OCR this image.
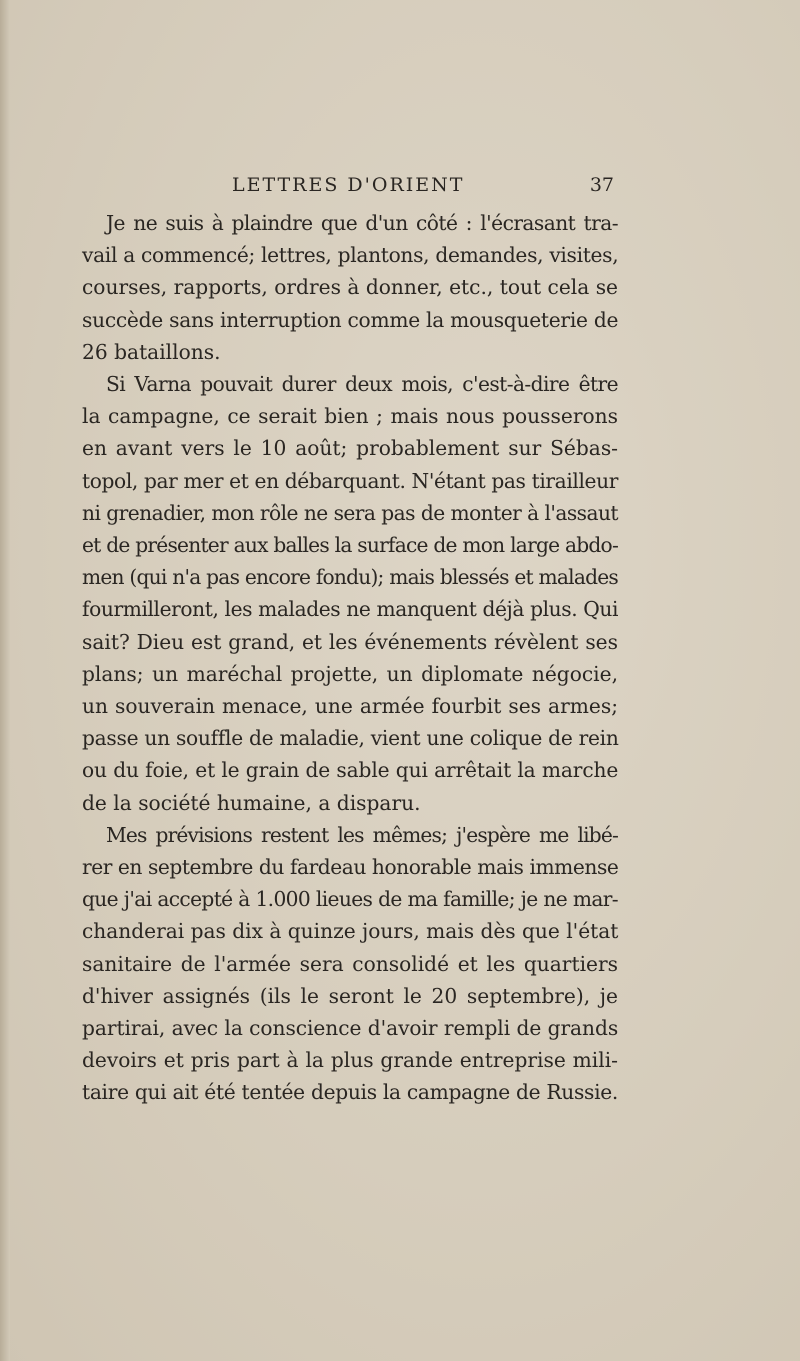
LETTRES D'ORIENT	37

Je ne suis à plaindre que d'un côté : l'écrasant tra-
vail a commencé; lettres, plantons, demandes, visites,
courses, rapports, ordres à donner, etc., tout cela se
succède sans interruption comme la mousqueterie de
26 bataillons.

Si Varna pouvait durer deux mois, c'est-à-dire être
la campagne, ce serait bien ; mais nous pousserons
en avant vers le 10 août; probablement sur Sébas-
topol, par mer et en débarquant. N'étant pas tirailleur
ni grenadier, mon rôle ne sera pas de monter à l'assaut
et de présenter aux balles la surface de mon large abdo-
men (qui n'a pas encore fondu); mais blessés et malades
fourmilleront, les malades ne manquent déjà plus. Qui
sait? Dieu est grand, et les événements révèlent ses
plans; un maréchal projette, un diplomate négocie,
un souverain menace, une armée fourbit ses armes;
passe un souffle de maladie, vient une colique de rein
ou du foie, et le grain de sable qui arrêtait la marche
de la société humaine, a disparu.

Mes prévisions restent les mêmes; j'espère me libé-
rer en septembre du fardeau honorable mais immense
que j'ai accepté à 1.000 lieues de ma famille; je ne mar-
chanderai pas dix à quinze jours, mais dès que l'état
sanitaire de l'armée sera consolidé et les quartiers
d'hiver assignés (ils le seront le 20 septembre), je
partirai, avec la conscience d'avoir rempli de grands
devoirs et pris part à la plus grande entreprise mili-
taire qui ait été tentée depuis la campagne de Russie.
